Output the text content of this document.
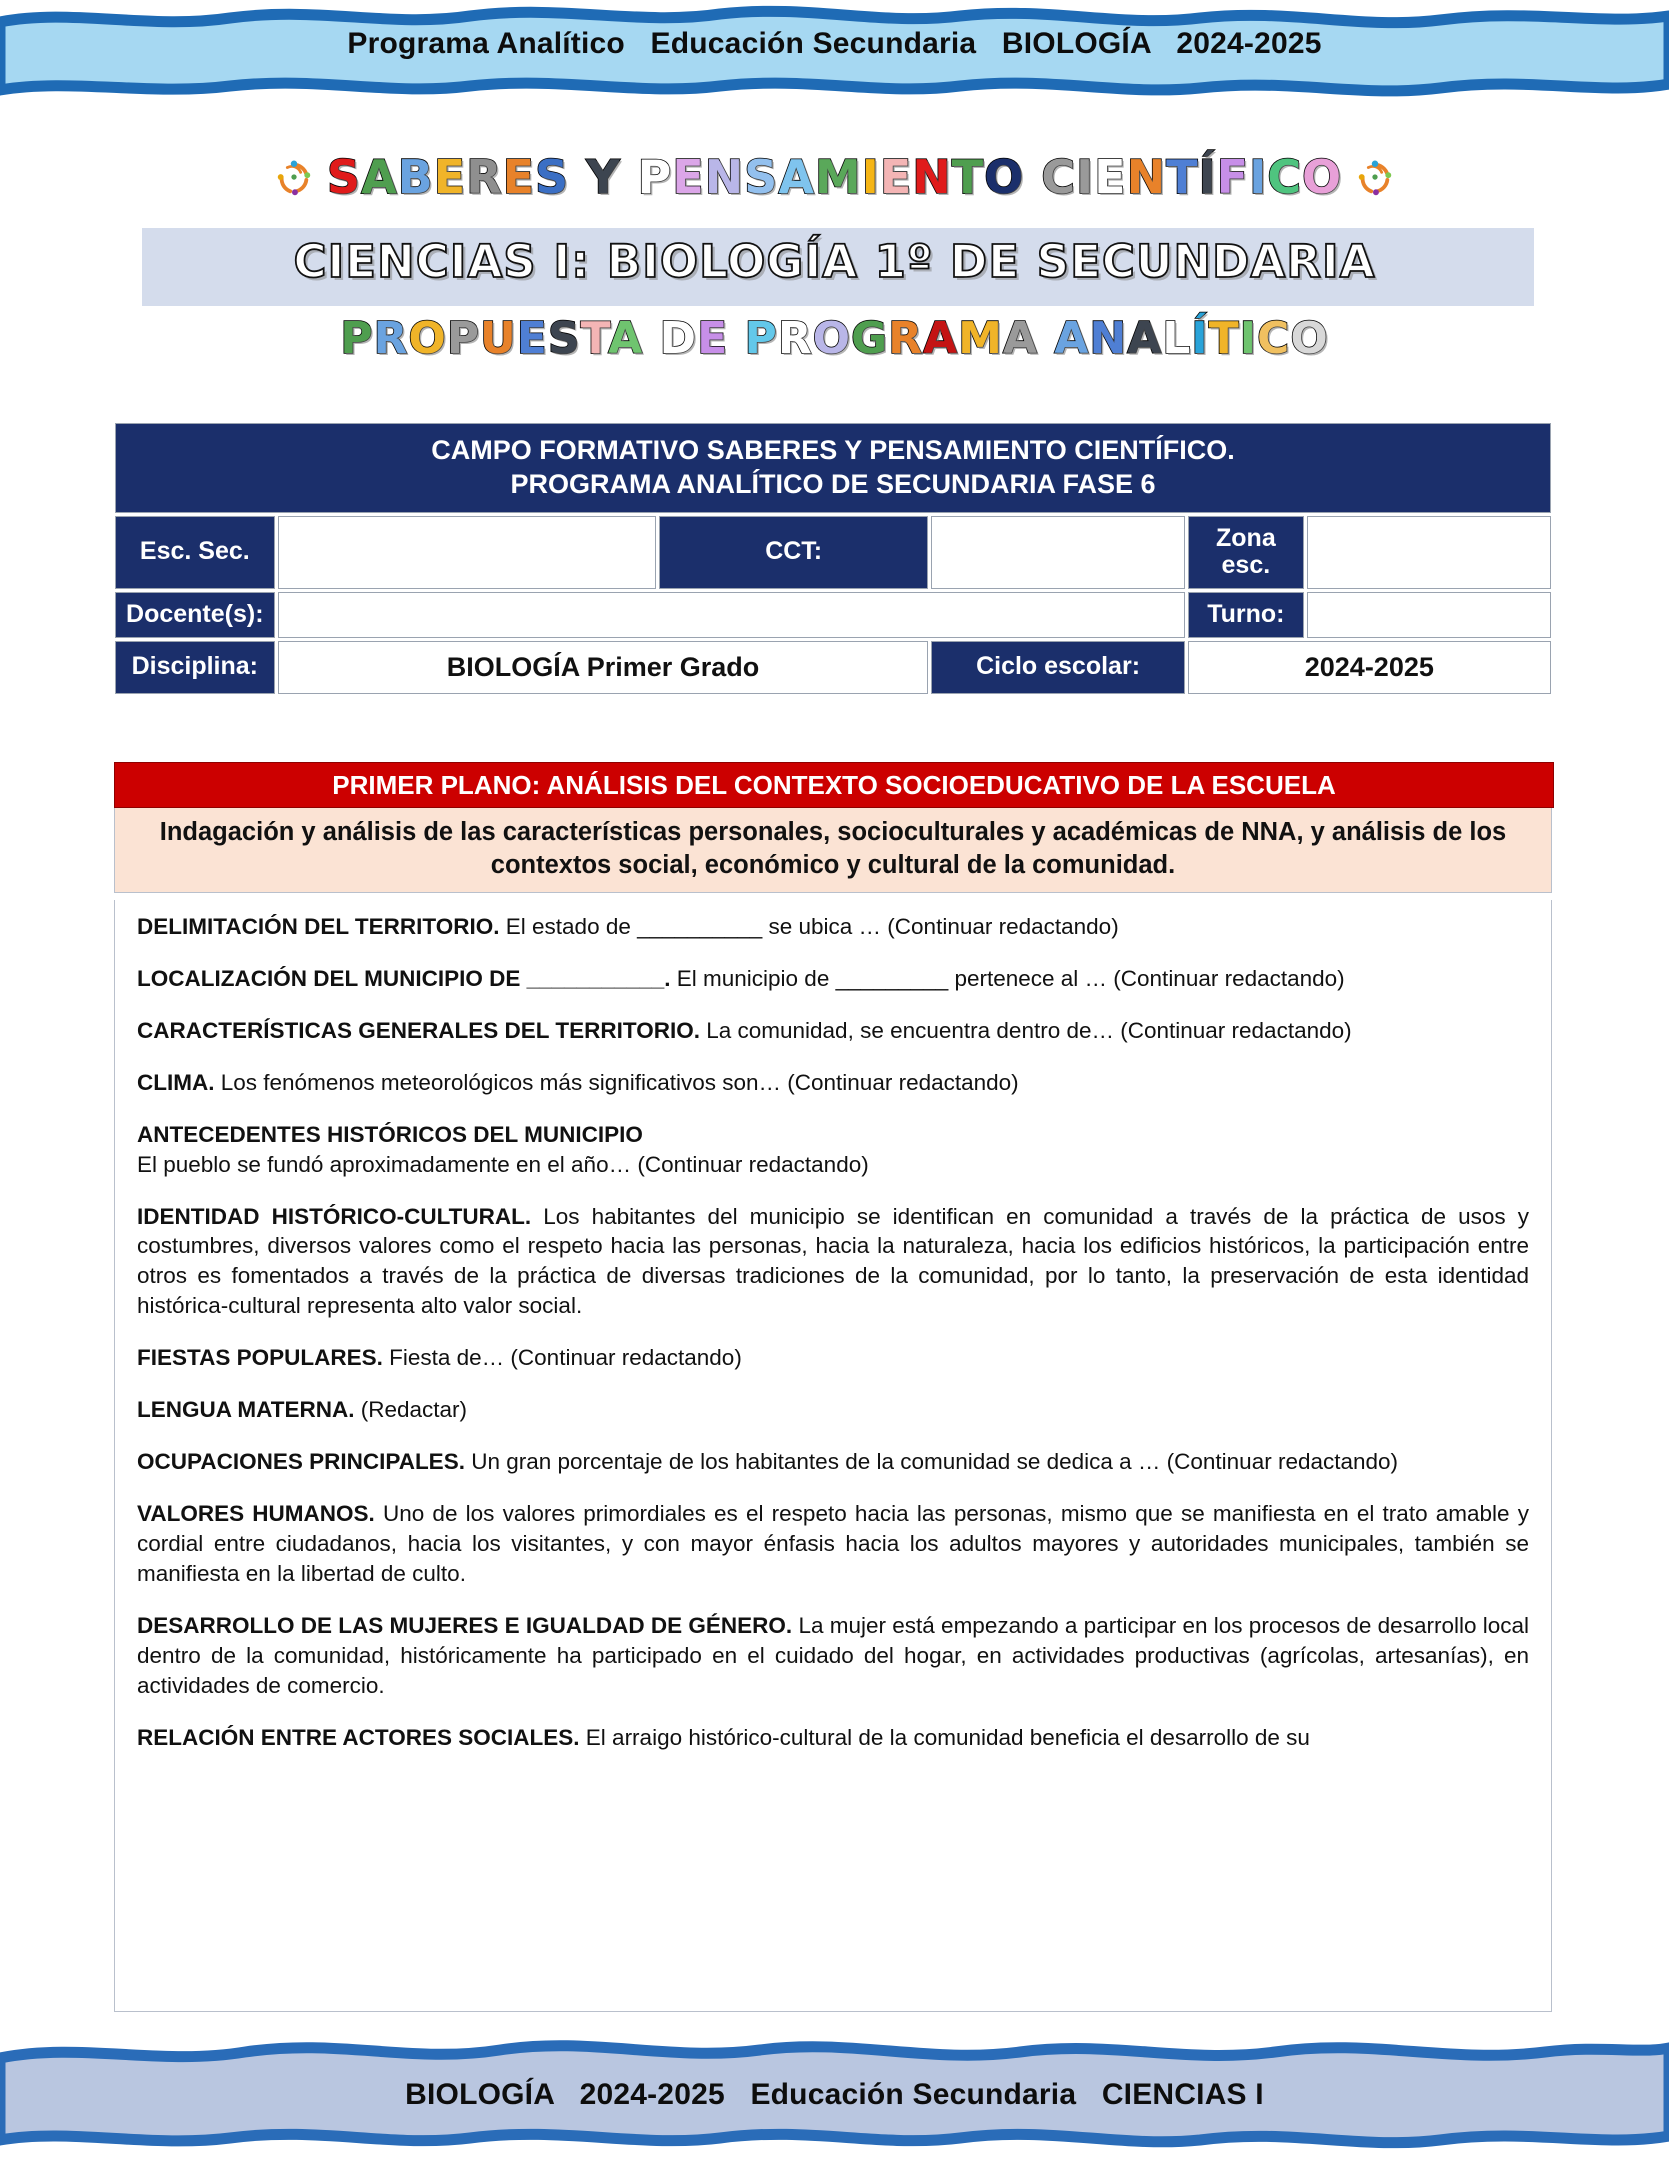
Programa Analítico   Educación Secundaria   BIOLOGÍA   2024-2025
SABERES Y PENSAMIENTO CIENTÍFICO
CIENCIAS I: BIOLOGÍA 1º DE SECUNDARIA
PROPUESTA DE PROGRAMA ANALÍTICO
CAMPO FORMATIVO SABERES Y PENSAMIENTO CIENTÍFICO.
PROGRAMA ANALÍTICO DE SECUNDARIA FASE 6					
Esc. Sec.		CCT:		Zona esc.	
Docente(s):				Turno:	
Disciplina:	BIOLOGÍA Primer Grado		Ciclo escolar:	2024-2025	
PRIMER PLANO: ANÁLISIS DEL CONTEXTO SOCIOEDUCATIVO DE LA ESCUELA
Indagación y análisis de las características personales, socioculturales y académicas de NNA, y análisis de los contextos social, económico y cultural de la comunidad.
DELIMITACIÓN DEL TERRITORIO. El estado de __________ se ubica … (Continuar redactando)
LOCALIZACIÓN DEL MUNICIPIO DE ___________. El municipio de _________ pertenece al … (Continuar redactando)
CARACTERÍSTICAS GENERALES DEL TERRITORIO. La comunidad, se encuentra dentro de… (Continuar redactando)
CLIMA. Los fenómenos meteorológicos más significativos son… (Continuar redactando)
ANTECEDENTES HISTÓRICOS DEL MUNICIPIO
El pueblo se fundó aproximadamente en el año… (Continuar redactando)
IDENTIDAD HISTÓRICO-CULTURAL. Los habitantes del municipio se identifican en comunidad a través de la práctica de usos y costumbres, diversos valores como el respeto hacia las personas, hacia la naturaleza, hacia los edificios históricos, la participación entre otros es fomentados a través de la práctica de diversas tradiciones de la comunidad, por lo tanto, la preservación de esta identidad histórica-cultural representa alto valor social.
FIESTAS POPULARES. Fiesta de… (Continuar redactando)
LENGUA MATERNA. (Redactar)
OCUPACIONES PRINCIPALES. Un gran porcentaje de los habitantes de la comunidad se dedica a … (Continuar redactando)
VALORES HUMANOS. Uno de los valores primordiales es el respeto hacia las personas, mismo que se manifiesta en el trato amable y cordial entre ciudadanos, hacia los visitantes, y con mayor énfasis hacia los adultos mayores y autoridades municipales, también se manifiesta en la libertad de culto.
DESARROLLO DE LAS MUJERES E IGUALDAD DE GÉNERO. La mujer está empezando a participar en los procesos de desarrollo local dentro de la comunidad, históricamente ha participado en el cuidado del hogar, en actividades productivas (agrícolas, artesanías), en actividades de comercio.
RELACIÓN ENTRE ACTORES SOCIALES. El arraigo histórico-cultural de la comunidad beneficia el desarrollo de su
BIOLOGÍA   2024-2025   Educación Secundaria   CIENCIAS I
